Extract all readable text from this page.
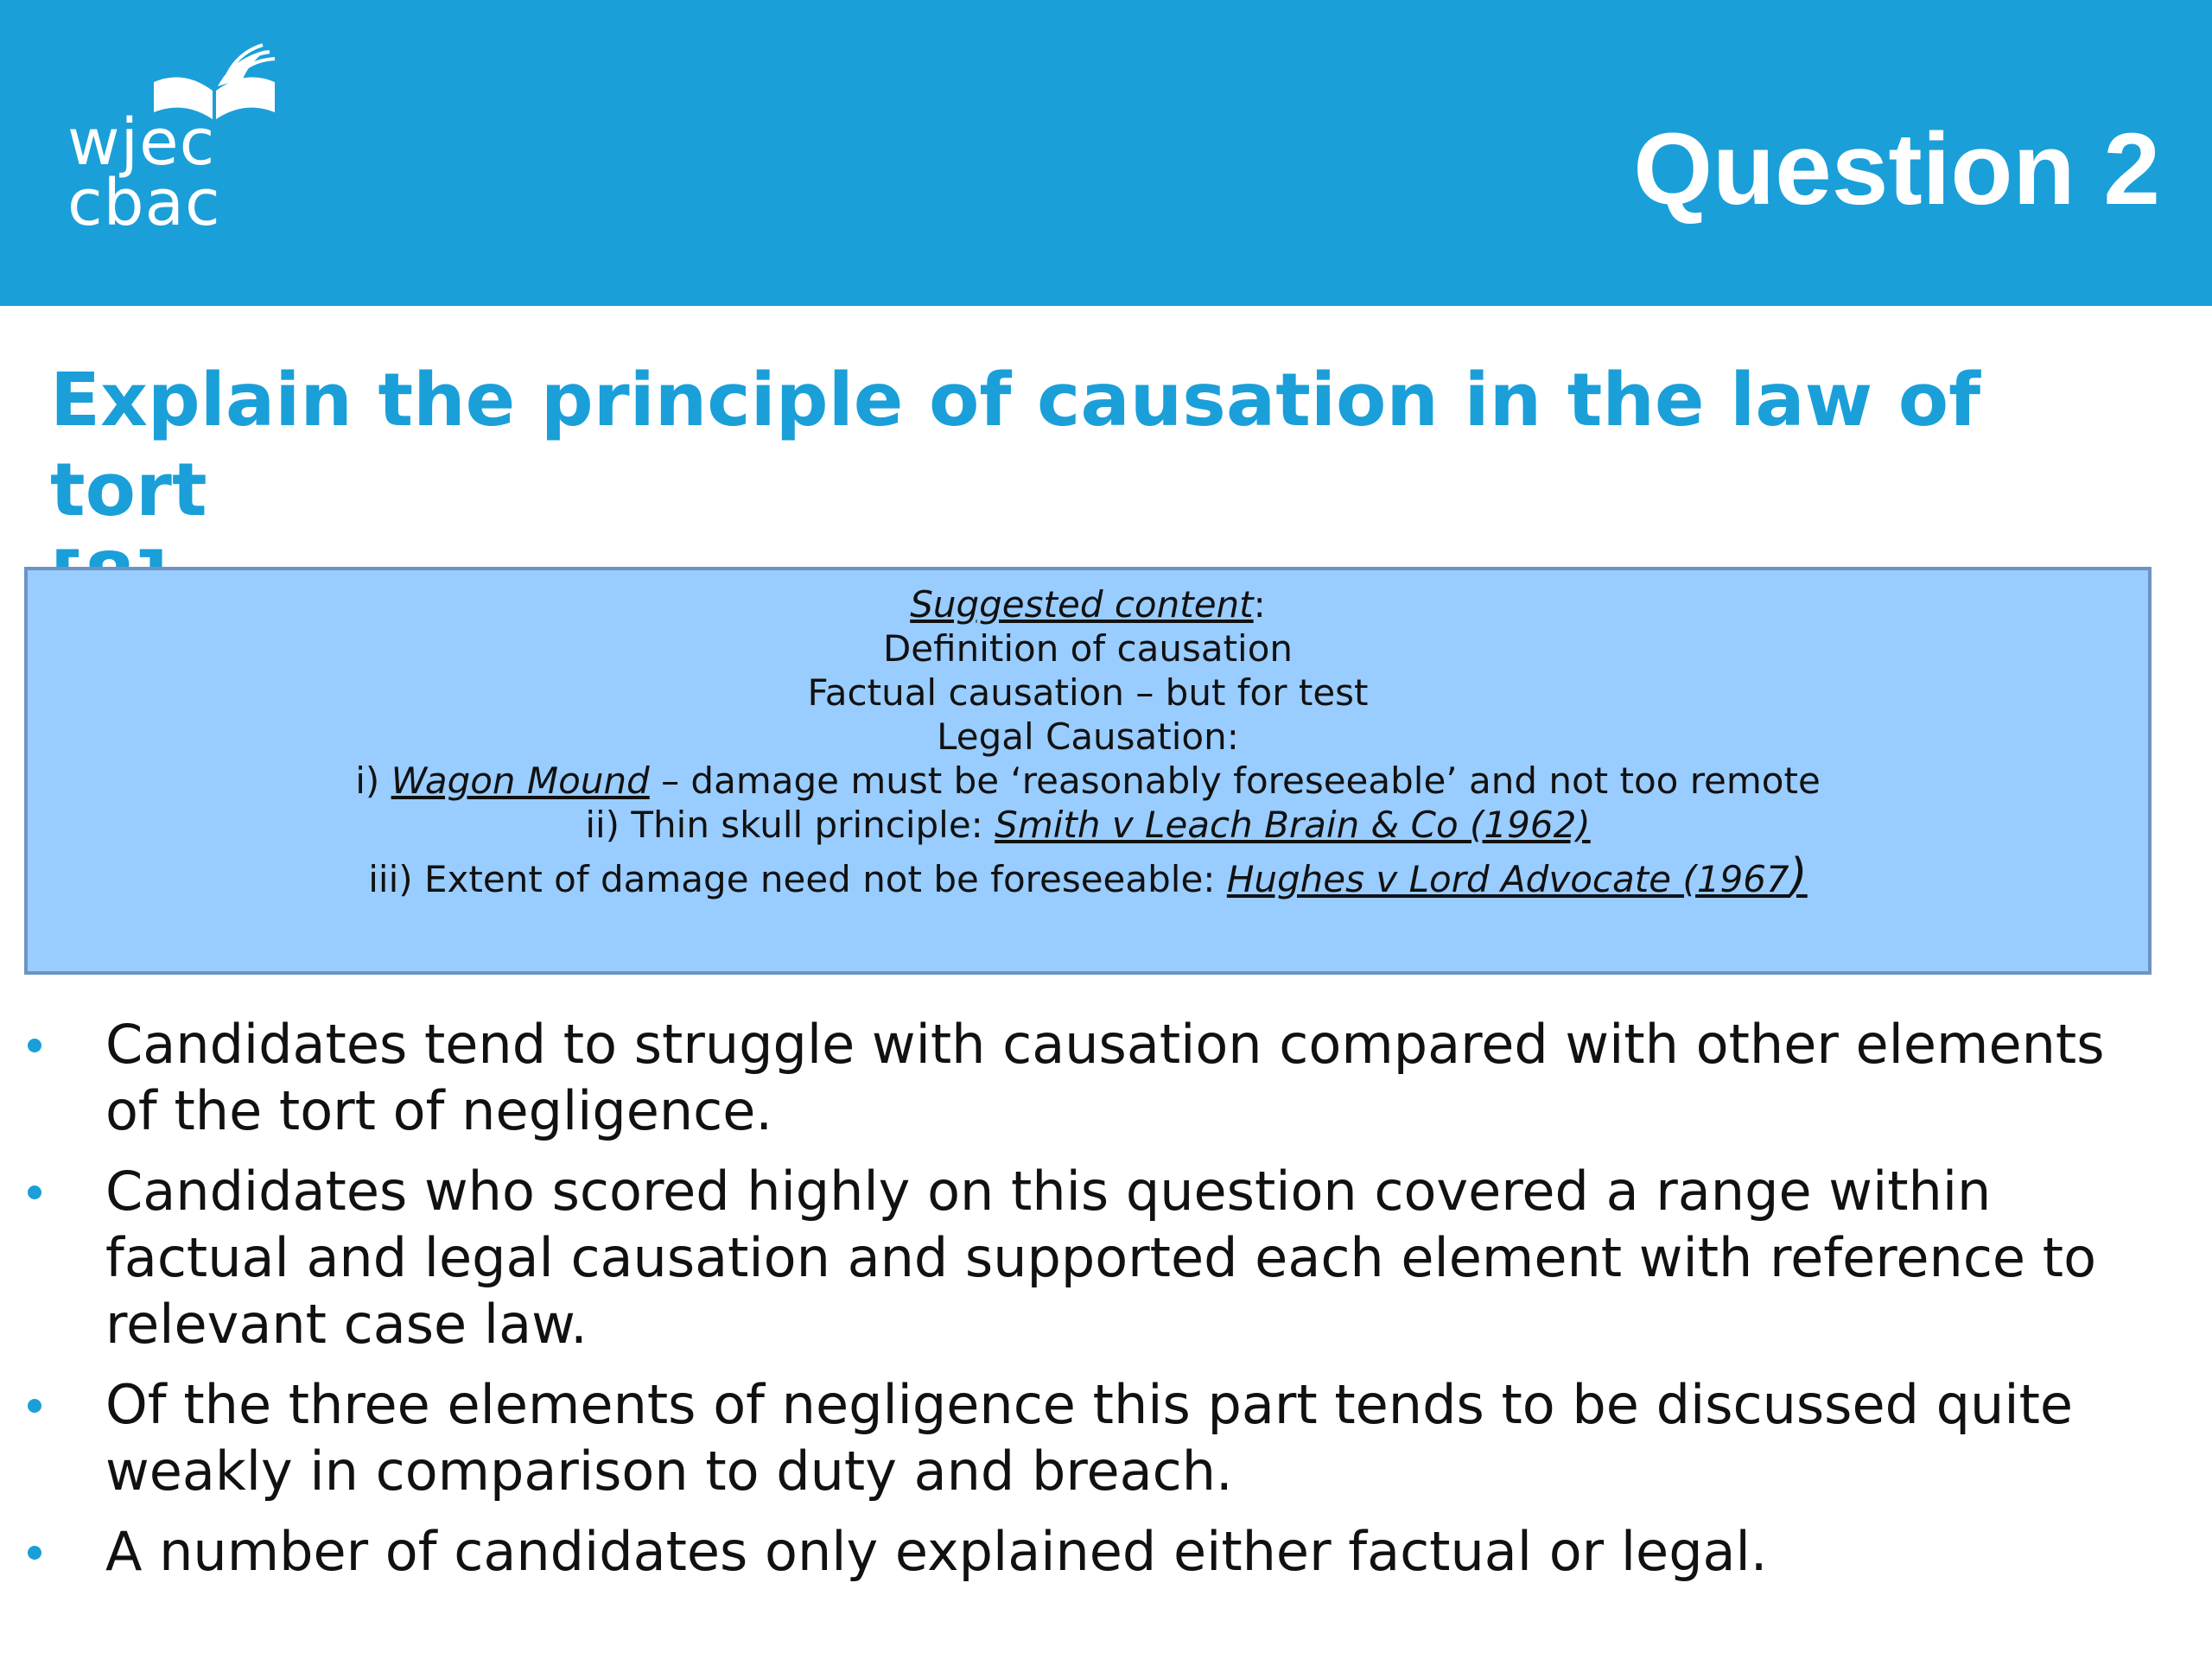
wjec
cbac	Question 2
Explain the principle of causation in the law of tort
Suggested content:
Definition of causation
Factual causation – but for test
Legal Causation:
i) Wagon Mound – damage must be ‘reasonably foreseeable’ and not too remote
ii) Thin skull principle: Smith v Leach Brain & Co (1962)
iii) Extent of damage need not be foreseeable: Hughes v Lord Advocate (1967)
Candidates tend to struggle with causation compared with other elements of the tort of negligence.
Candidates who scored highly on this question covered a range within factual and legal causation and supported each element with reference to relevant case law.
Of the three elements of negligence this part tends to be discussed quite weakly in comparison to duty and breach.
A number of candidates only explained either factual or legal.
